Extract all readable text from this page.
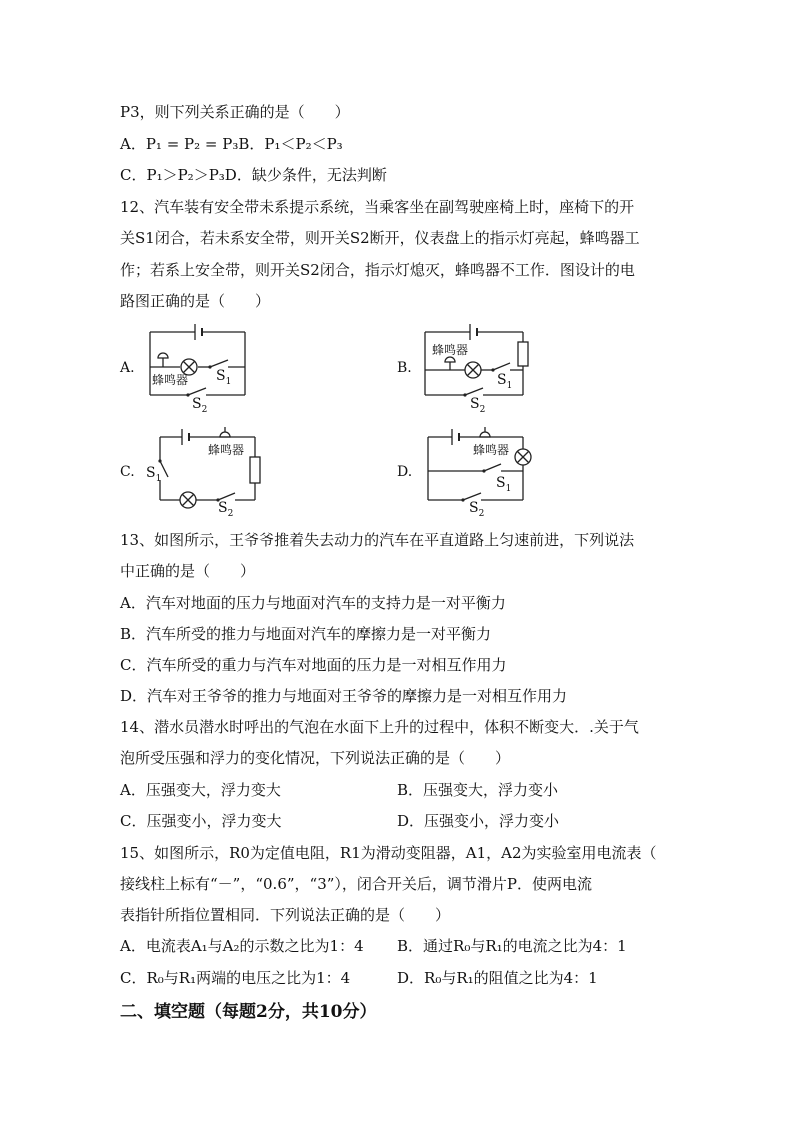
P3，则下列关系正确的是（　　）
A．P₁ = P₂ = P₃B．P₁＜P₂＜P₃
C．P₁＞P₂＞P₃D．缺少条件，无法判断
12、汽车装有安全带未系提示系统，当乘客坐在副驾驶座椅上时，座椅下的开
关S1闭合，若未系安全带，则开关S2断开，仪表盘上的指示灯亮起，蜂鸣器工
作；若系上安全带，则开关S2闭合，指示灯熄灭，蜂鸣器不工作．图设计的电
路图正确的是（　　）
A.
蜂鸣器 $S_1$
$S_2$
B.
蜂鸣器
$S_1$
$S_2$
C.
蜂鸣器
$S_1$
$S_2$
D.
蜂鸣器
$S_1$
$S_2$
13、如图所示，王爷爷推着失去动力的汽车在平直道路上匀速前进，下列说法
中正确的是（　　）
A．汽车对地面的压力与地面对汽车的支持力是一对平衡力
B．汽车所受的推力与地面对汽车的摩擦力是一对平衡力
C．汽车所受的重力与汽车对地面的压力是一对相互作用力
D．汽车对王爷爷的推力与地面对王爷爷的摩擦力是一对相互作用力
14、潜水员潜水时呼出的气泡在水面下上升的过程中，体积不断变大．.关于气
泡所受压强和浮力的变化情况，下列说法正确的是（　　）
A．压强变大，浮力变大	B．压强变大，浮力变小
C．压强变小，浮力变大	D．压强变小，浮力变小
15、如图所示，R0为定值电阻，R1为滑动变阻器，A1，A2为实验室用电流表（
接线柱上标有“－”，“0.6”，“3”），闭合开关后，调节滑片P．使两电流
表指针所指位置相同．下列说法正确的是（　　）
A．电流表A₁与A₂的示数之比为1：4 B．通过R₀与R₁的电流之比为4：1
C．R₀与R₁两端的电压之比为1：4	D．R₀与R₁的阻值之比为4：1
二、填空题（每题2分，共10分）
